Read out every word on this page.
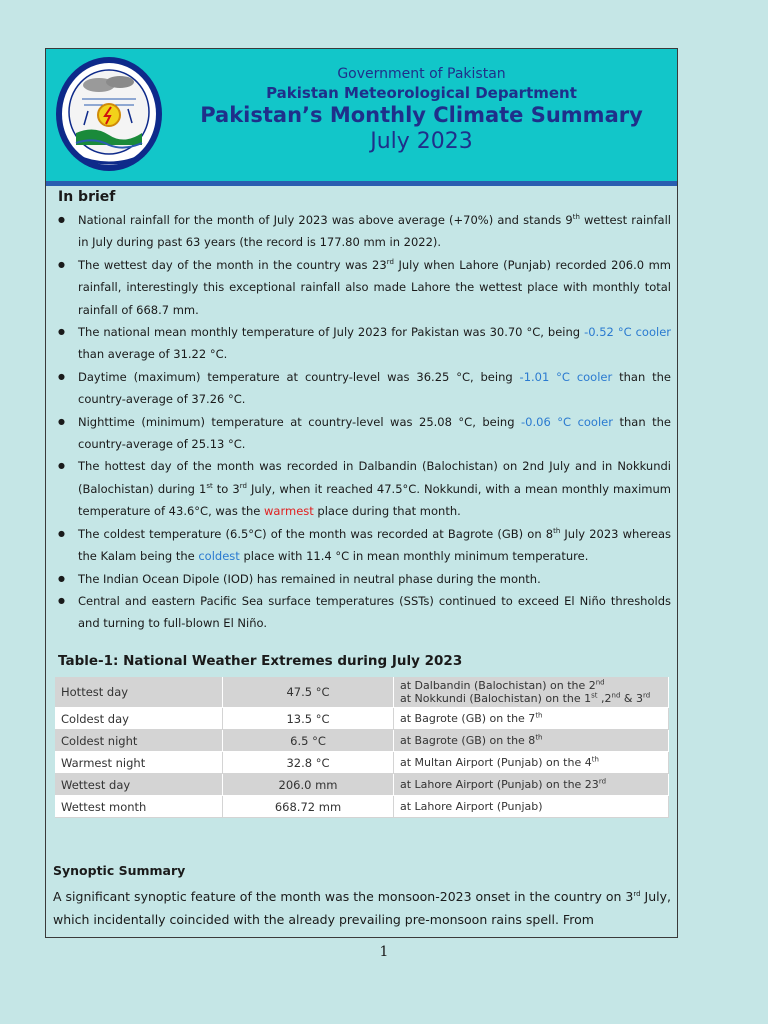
Government of Pakistan
Pakistan Meteorological Department
Pakistan’s Monthly Climate Summary
July 2023
In brief
● National rainfall for the month of July 2023 was above average (+70%) and stands 9th wettest rainfall in July during past 63 years (the record is 177.80 mm in 2022).
● The wettest day of the month in the country was 23rd July when Lahore (Punjab) recorded 206.0 mm rainfall, interestingly this exceptional rainfall also made Lahore the wettest place with monthly total rainfall of 668.7 mm.
● The national mean monthly temperature of July 2023 for Pakistan was 30.70 °C, being -0.52 °C cooler than average of 31.22 °C.
● Daytime (maximum) temperature at country-level was 36.25 °C, being -1.01 °C cooler than the country-average of 37.26 °C.
● Nighttime (minimum) temperature at country-level was 25.08 °C, being -0.06 °C cooler than the country-average of 25.13 °C.
● The hottest day of the month was recorded in Dalbandin (Balochistan) on 2nd July and in Nokkundi (Balochistan) during 1st to 3rd July, when it reached 47.5°C. Nokkundi, with a mean monthly maximum temperature of 43.6°C, was the warmest place during that month.
● The coldest temperature (6.5°C) of the month was recorded at Bagrote (GB) on 8th July 2023 whereas the Kalam being the coldest place with 11.4 °C in mean monthly minimum temperature.
● The Indian Ocean Dipole (IOD) has remained in neutral phase during the month.
● Central and eastern Pacific Sea surface temperatures (SSTs) continued to exceed El Niño thresholds and turning to full-blown El Niño.
Table-1: National Weather Extremes during July 2023
Hottest day	47.5 °C	at Dalbandin (Balochistan) on the 2nd
at Nokkundi (Balochistan) on the 1st ,2nd & 3rd

Coldest day	13.5 °C	at Bagrote (GB) on the 7th

Coldest night	6.5 °C	at Bagrote (GB) on the 8th

Warmest night	32.8 °C	at Multan Airport (Punjab) on the 4th

Wettest day	206.0 mm	at Lahore Airport (Punjab) on the 23rd

Wettest month	668.72 mm	at Lahore Airport (Punjab)
Synoptic Summary
A significant synoptic feature of the month was the monsoon-2023 onset in the country on 3rd July, which incidentally coincided with the already prevailing pre-monsoon rains spell. From
1
